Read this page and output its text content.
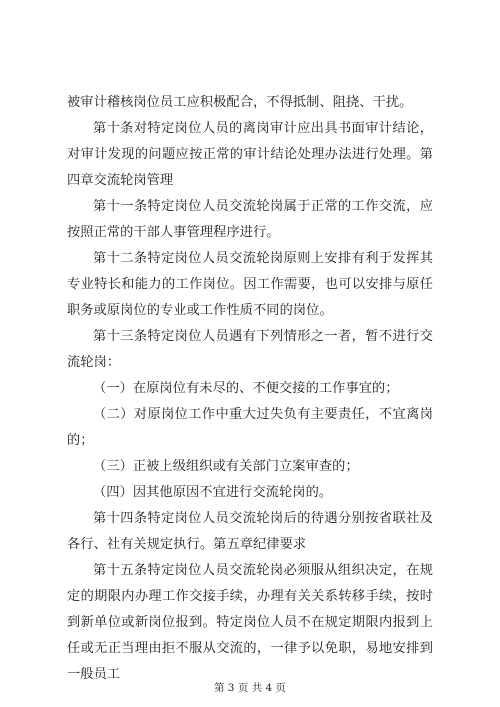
被审计稽核岗位员工应积极配合，不得抵制、阻挠、干扰。

第十条对特定岗位人员的离岗审计应出具书面审计结论，对审计发现的问题应按正常的审计结论处理办法进行处理。第四章交流轮岗管理

第十一条特定岗位人员交流轮岗属于正常的工作交流，应按照正常的干部人事管理程序进行。

第十二条特定岗位人员交流轮岗原则上安排有利于发挥其专业特长和能力的工作岗位。因工作需要，也可以安排与原任职务或原岗位的专业或工作性质不同的岗位。

第十三条特定岗位人员遇有下列情形之一者，暂不进行交流轮岗：

（一）在原岗位有未尽的、不便交接的工作事宜的；

（二）对原岗位工作中重大过失负有主要责任，不宜离岗的；

（三）正被上级组织或有关部门立案审查的；

（四）因其他原因不宜进行交流轮岗的。

第十四条特定岗位人员交流轮岗后的待遇分别按省联社及各行、社有关规定执行。第五章纪律要求

第十五条特定岗位人员交流轮岗必须服从组织决定，在规定的期限内办理工作交接手续，办理有关关系转移手续，按时到新单位或新岗位报到。特定岗位人员不在规定期限内报到上任或无正当理由拒不服从交流的，一律予以免职，易地安排到一般员工

第 3 页 共 4 页
